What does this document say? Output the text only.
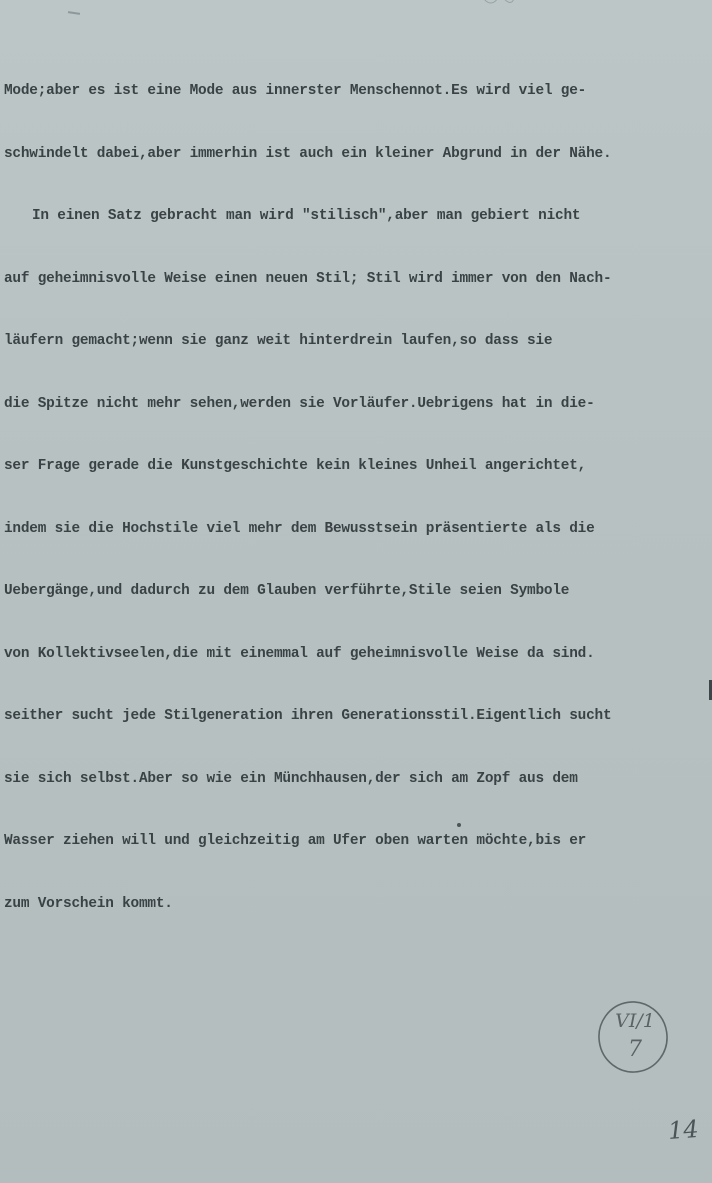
Mode;aber es ist eine Mode aus innerster Menschennot.Es wird viel ge-

schwindelt dabei,aber immerhin ist auch ein kleiner Abgrund in der Nähe.

In einen Satz gebracht man wird "stilisch",aber man gebiert nicht

auf geheimnisvolle Weise einen neuen Stil; Stil wird immer von den Nach-

läufern gemacht;wenn sie ganz weit hinterdrein laufen,so dass sie

die Spitze nicht mehr sehen,werden sie Vorläufer.Uebrigens hat in die-

ser Frage gerade die Kunstgeschichte kein kleines Unheil angerichtet,

indem sie die Hochstile viel mehr dem Bewusstsein präsentierte als die

Uebergänge,und dadurch zu dem Glauben verführte,Stile seien Symbole

von Kollektivseelen,die mit einemmal auf geheimnisvolle Weise da sind.

seither sucht jede Stilgeneration ihren Generationsstil.Eigentlich sucht

sie sich selbst.Aber so wie ein Münchhausen,der sich am Zopf aus dem

Wasser ziehen will und gleichzeitig am Ufer oben warten möchte,bis er

zum Vorschein kommt.

VI/1
7
14
